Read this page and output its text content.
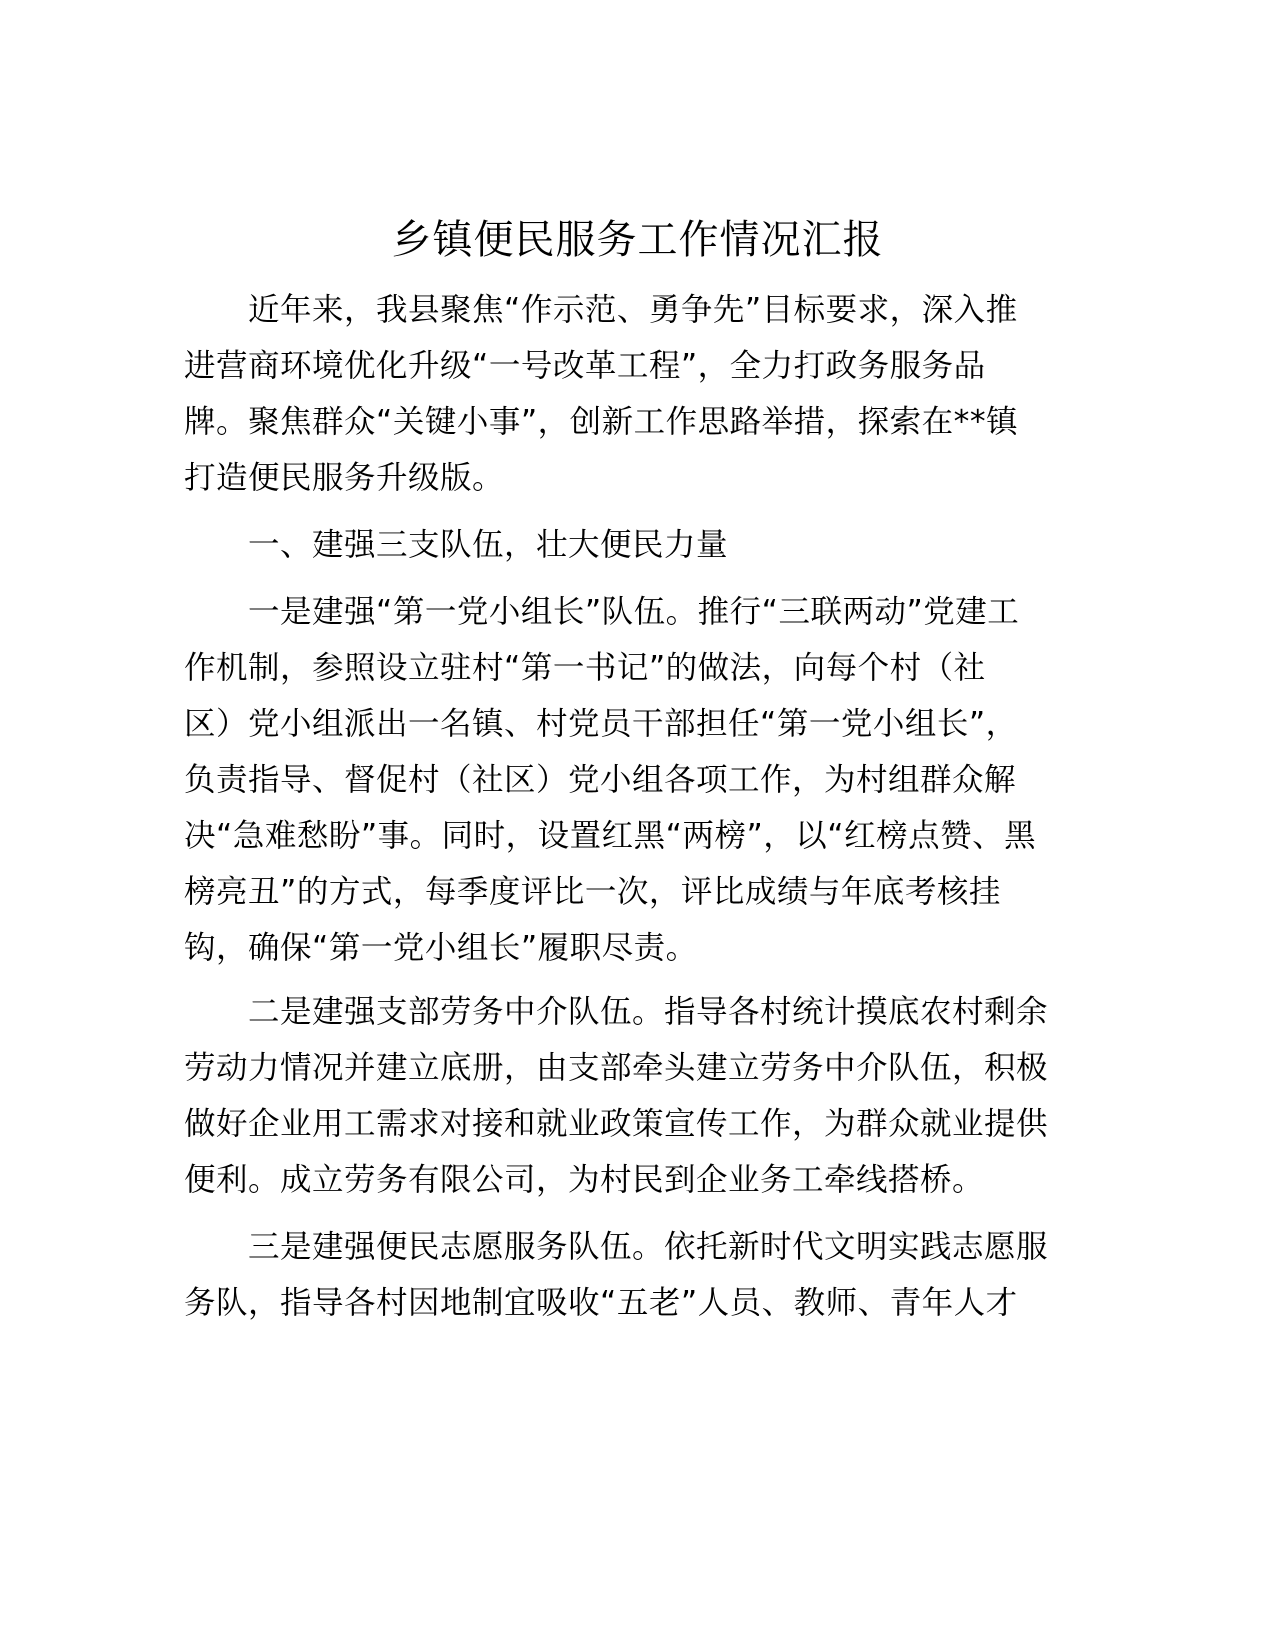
乡镇便民服务工作情况汇报
近年来，我县聚焦“作示范、勇争先”目标要求，深入推
进营商环境优化升级“一号改革工程”，全力打政务服务品
牌。聚焦群众“关键小事”，创新工作思路举措，探索在**镇
打造便民服务升级版。
一、建强三支队伍，壮大便民力量
一是建强“第一党小组长”队伍。推行“三联两动”党建工
作机制，参照设立驻村“第一书记”的做法，向每个村（社
区）党小组派出一名镇、村党员干部担任“第一党小组长”，
负责指导、督促村（社区）党小组各项工作，为村组群众解
决“急难愁盼”事。同时，设置红黑“两榜”，以“红榜点赞、黑
榜亮丑”的方式，每季度评比一次，评比成绩与年底考核挂
钩，确保“第一党小组长”履职尽责。
二是建强支部劳务中介队伍。指导各村统计摸底农村剩余
劳动力情况并建立底册，由支部牵头建立劳务中介队伍，积极
做好企业用工需求对接和就业政策宣传工作，为群众就业提供
便利。成立劳务有限公司，为村民到企业务工牵线搭桥。
三是建强便民志愿服务队伍。依托新时代文明实践志愿服
务队，指导各村因地制宜吸收“五老”人员、教师、青年人才
